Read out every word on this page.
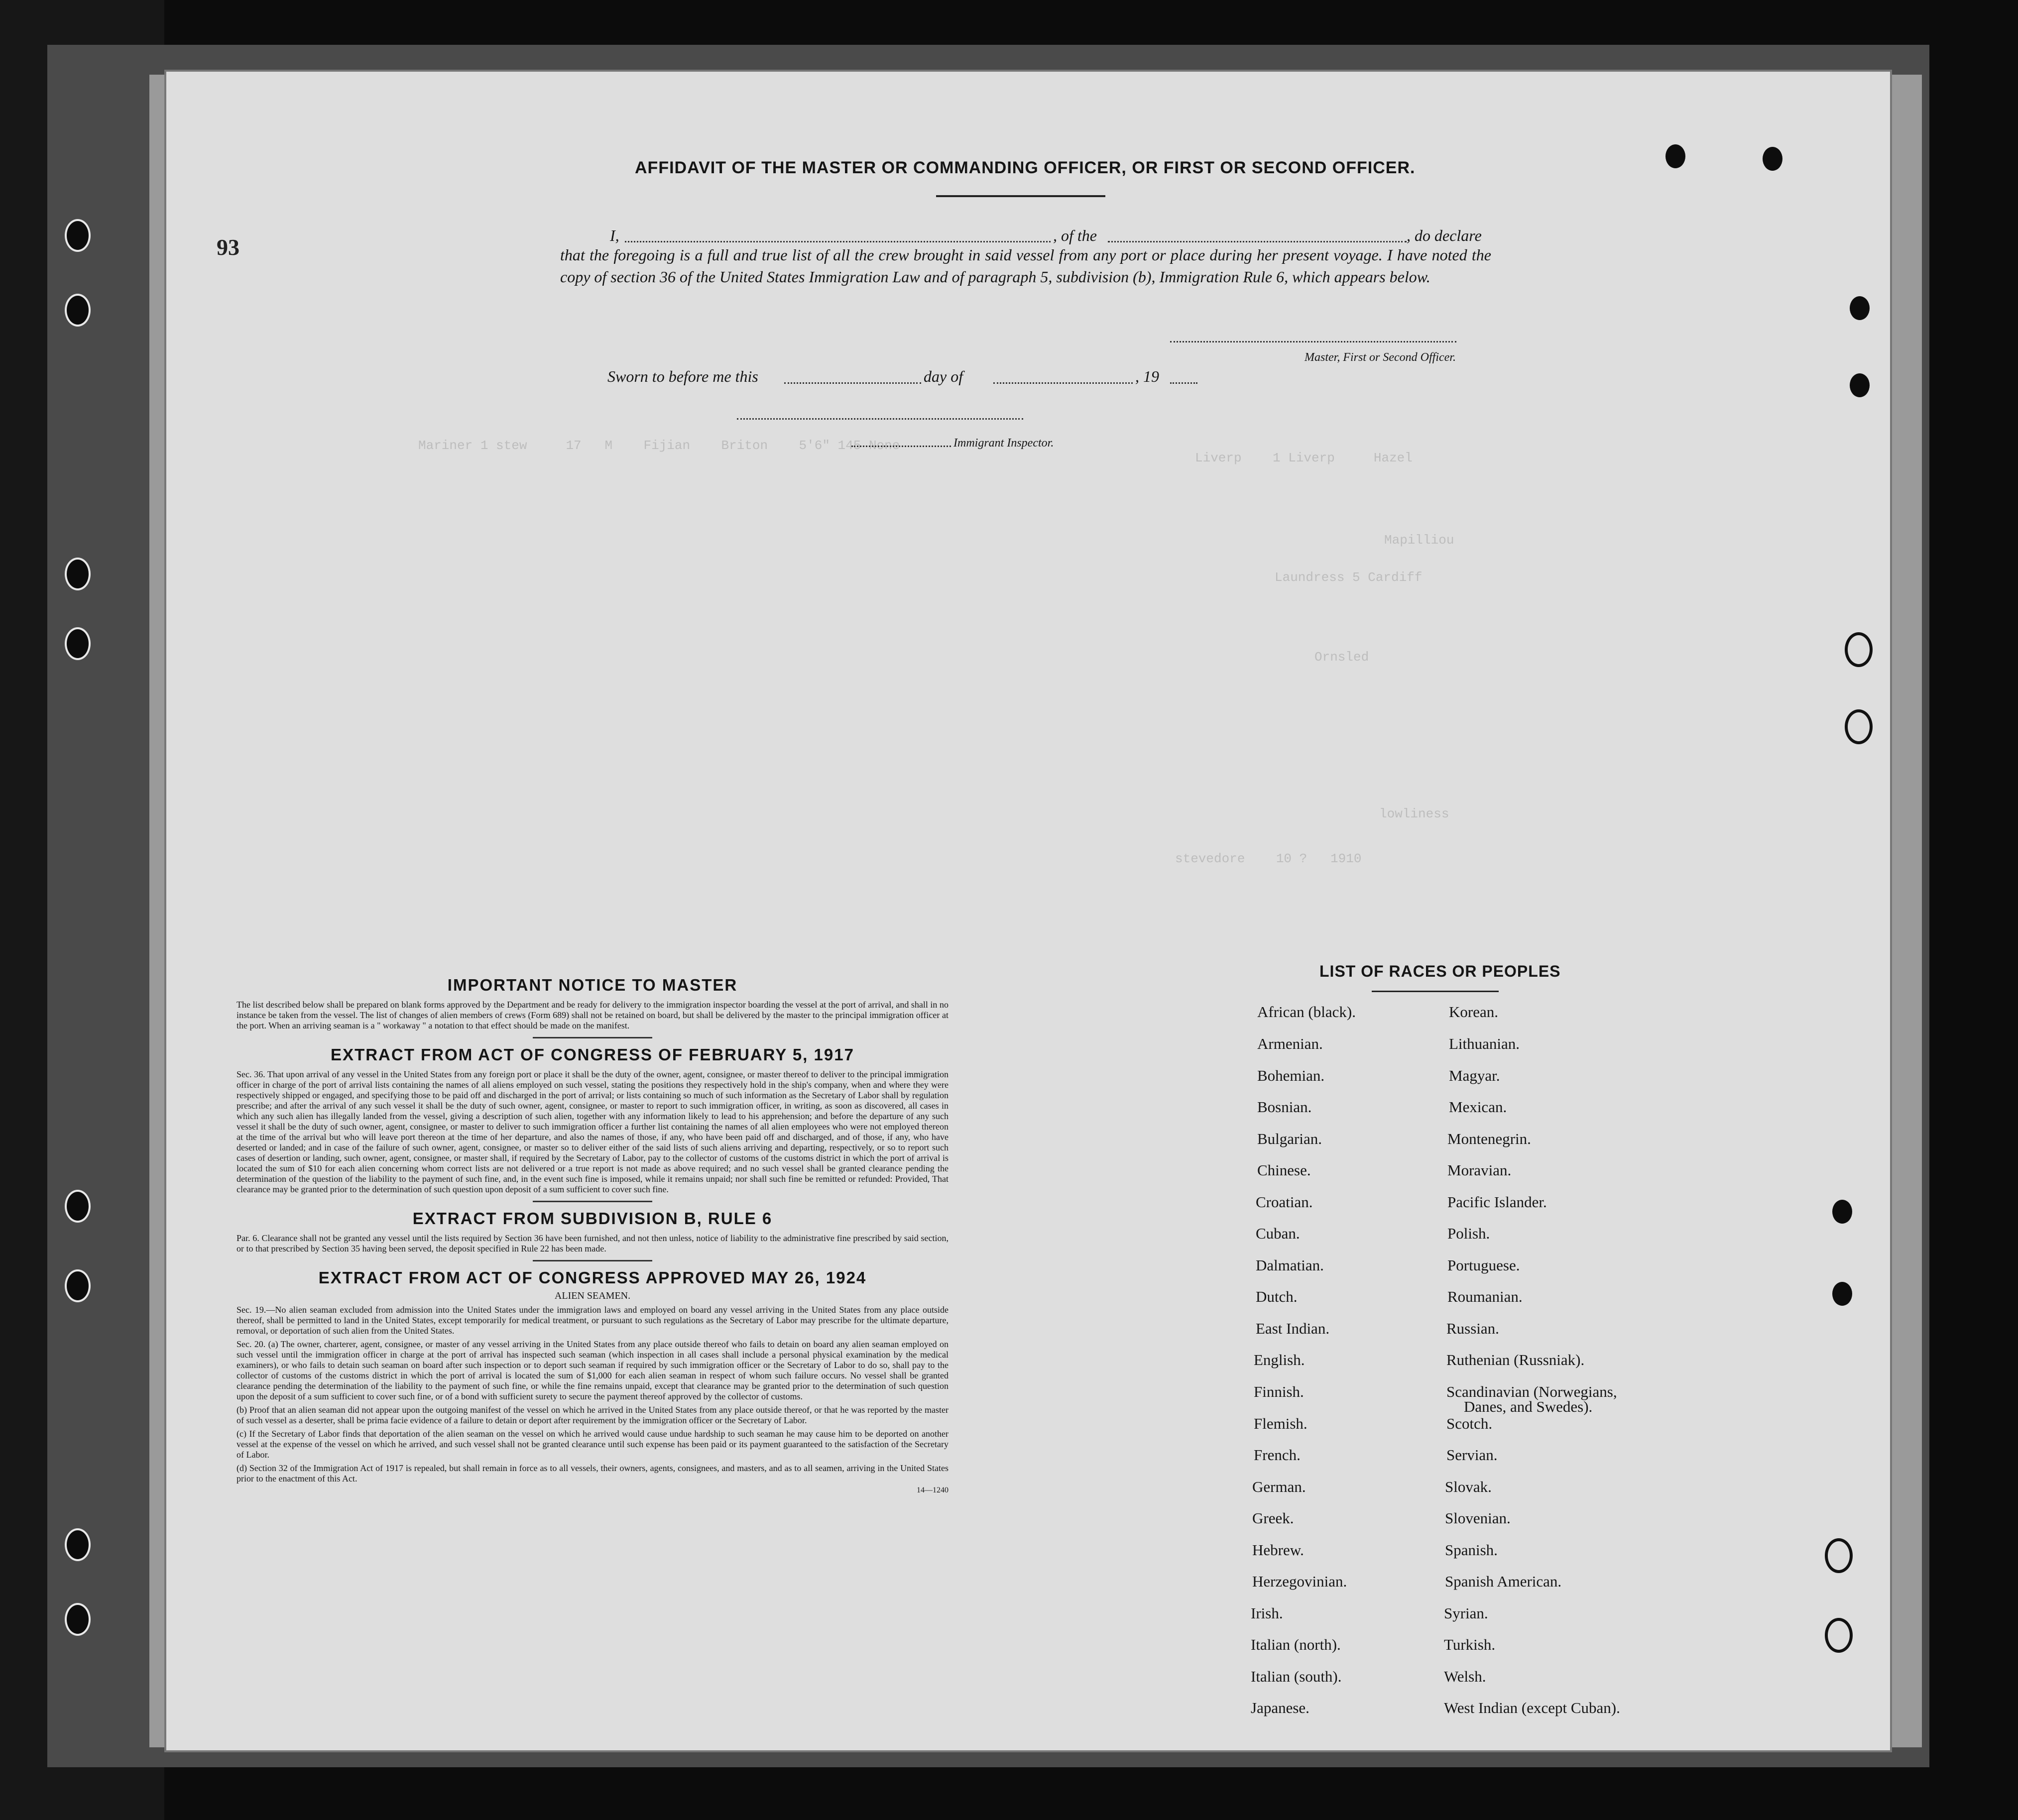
93
Mariner 1 stew     17   M    Fijian    Briton    5'6" 145 None
Liverp    1 Liverp     Hazel
Mapilliou
Laundress 5 Cardiff
Ornsled
lowliness
stevedore    10 ?   1910
AFFIDAVIT OF THE MASTER OR COMMANDING OFFICER, OR FIRST OR SECOND OFFICER.
I,	, of the	, do declare
that the foregoing is a full and true list of all the crew brought in said vessel from any port or place during her present voyage. I have noted the copy of section 36 of the United States Immigration Law and of paragraph 5, subdivision (b), Immigration Rule 6, which appears below.
Master, First or Second Officer.
Sworn to before me this	day of	, 19
Immigrant Inspector.
IMPORTANT NOTICE TO MASTER

The list described below shall be prepared on blank forms approved by the Department and be ready for delivery to the immigration inspector boarding the vessel at the port of arrival, and shall in no instance be taken from the vessel. The list of changes of alien members of crews (Form 689) shall not be retained on board, but shall be delivered by the master to the principal immigration officer at the port. When an arriving seaman is a " workaway " a notation to that effect should be made on the manifest.

EXTRACT FROM ACT OF CONGRESS OF FEBRUARY 5, 1917

Sec. 36. That upon arrival of any vessel in the United States from any foreign port or place it shall be the duty of the owner, agent, consignee, or master thereof to deliver to the principal immigration officer in charge of the port of arrival lists containing the names of all aliens employed on such vessel, stating the positions they respectively hold in the ship's company, when and where they were respectively shipped or engaged, and specifying those to be paid off and discharged in the port of arrival; or lists containing so much of such information as the Secretary of Labor shall by regulation prescribe; and after the arrival of any such vessel it shall be the duty of such owner, agent, consignee, or master to report to such immigration officer, in writing, as soon as discovered, all cases in which any such alien has illegally landed from the vessel, giving a description of such alien, together with any information likely to lead to his apprehension; and before the departure of any such vessel it shall be the duty of such owner, agent, consignee, or master to deliver to such immigration officer a further list containing the names of all alien employees who were not employed thereon at the time of the arrival but who will leave port thereon at the time of her departure, and also the names of those, if any, who have been paid off and discharged, and of those, if any, who have deserted or landed; and in case of the failure of such owner, agent, consignee, or master so to deliver either of the said lists of such aliens arriving and departing, respectively, or so to report such cases of desertion or landing, such owner, agent, consignee, or master shall, if required by the Secretary of Labor, pay to the collector of customs of the customs district in which the port of arrival is located the sum of $10 for each alien concerning whom correct lists are not delivered or a true report is not made as above required; and no such vessel shall be granted clearance pending the determination of the question of the liability to the payment of such fine, and, in the event such fine is imposed, while it remains unpaid; nor shall such fine be remitted or refunded: Provided, That clearance may be granted prior to the determination of such question upon deposit of a sum sufficient to cover such fine.

EXTRACT FROM SUBDIVISION B, RULE 6

Par. 6. Clearance shall not be granted any vessel until the lists required by Section 36 have been furnished, and not then unless, notice of liability to the administrative fine prescribed by said section, or to that prescribed by Section 35 having been served, the deposit specified in Rule 22 has been made.

EXTRACT FROM ACT OF CONGRESS APPROVED MAY 26, 1924
ALIEN SEAMEN.

Sec. 19.—No alien seaman excluded from admission into the United States under the immigration laws and employed on board any vessel arriving in the United States from any place outside thereof, shall be permitted to land in the United States, except temporarily for medical treatment, or pursuant to such regulations as the Secretary of Labor may prescribe for the ultimate departure, removal, or deportation of such alien from the United States.

Sec. 20. (a) The owner, charterer, agent, consignee, or master of any vessel arriving in the United States from any place outside thereof who fails to detain on board any alien seaman employed on such vessel until the immigration officer in charge at the port of arrival has inspected such seaman (which inspection in all cases shall include a personal physical examination by the medical examiners), or who fails to detain such seaman on board after such inspection or to deport such seaman if required by such immigration officer or the Secretary of Labor to do so, shall pay to the collector of customs of the customs district in which the port of arrival is located the sum of $1,000 for each alien seaman in respect of whom such failure occurs. No vessel shall be granted clearance pending the determination of the liability to the payment of such fine, or while the fine remains unpaid, except that clearance may be granted prior to the determination of such question upon the deposit of a sum sufficient to cover such fine, or of a bond with sufficient surety to secure the payment thereof approved by the collector of customs.

(b) Proof that an alien seaman did not appear upon the outgoing manifest of the vessel on which he arrived in the United States from any place outside thereof, or that he was reported by the master of such vessel as a deserter, shall be prima facie evidence of a failure to detain or deport after requirement by the immigration officer or the Secretary of Labor.

(c) If the Secretary of Labor finds that deportation of the alien seaman on the vessel on which he arrived would cause undue hardship to such seaman he may cause him to be deported on another vessel at the expense of the vessel on which he arrived, and such vessel shall not be granted clearance until such expense has been paid or its payment guaranteed to the satisfaction of the Secretary of Labor.

(d) Section 32 of the Immigration Act of 1917 is repealed, but shall remain in force as to all vessels, their owners, agents, consignees, and masters, and as to all seamen, arriving in the United States prior to the enactment of this Act.

14—1240
LIST OF RACES OR PEOPLES
African (black).
Armenian.
Bohemian.
Bosnian.
Bulgarian.
Chinese.
Croatian.
Cuban.
Dalmatian.
Dutch.
East Indian.
English.
Finnish.
Flemish.
French.
German.
Greek.
Hebrew.
Herzegovinian.
Irish.
Italian (north).
Italian (south).
Japanese.
Korean.
Lithuanian.
Magyar.
Mexican.
Montenegrin.
Moravian.
Pacific Islander.
Polish.
Portuguese.
Roumanian.
Russian.
Ruthenian (Russniak).
Scandinavian (Norwegians,
Danes, and Swedes).
Scotch.
Servian.
Slovak.
Slovenian.
Spanish.
Spanish American.
Syrian.
Turkish.
Welsh.
West Indian (except Cuban).
